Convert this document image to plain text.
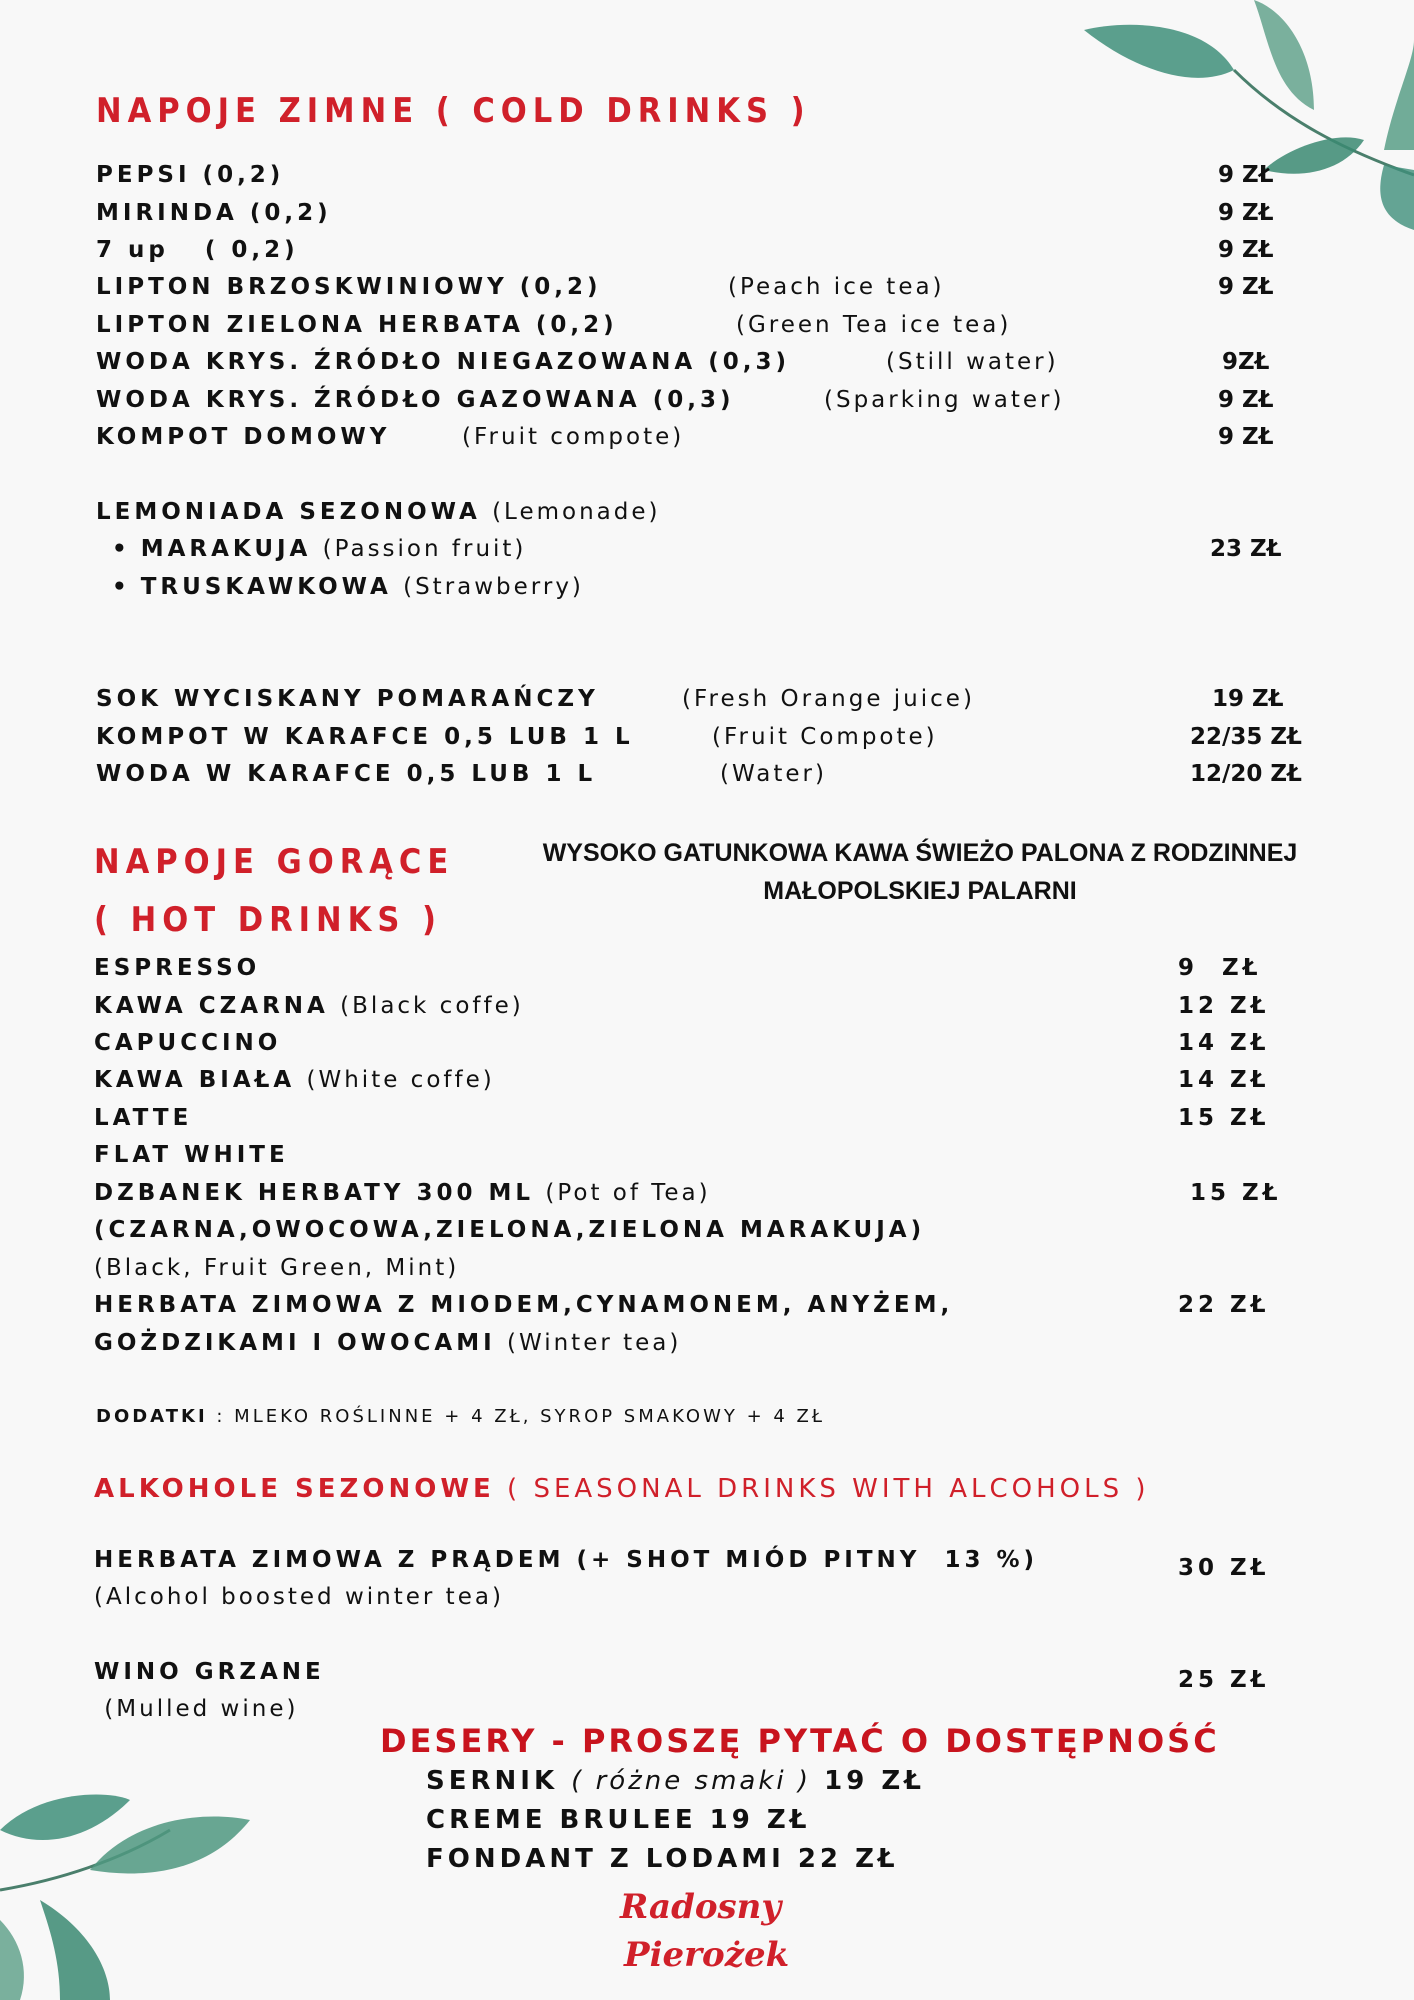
NAPOJE ZIMNE ( COLD DRINKS )
PEPSI (0,2)	9 ZŁ
MIRINDA (0,2)	9 ZŁ
7 up   ( 0,2)	9 ZŁ
LIPTON BRZOSKWINIOWY (0,2)	(Peach ice tea)	9 ZŁ
LIPTON ZIELONA HERBATA (0,2)	(Green Tea ice tea)
WODA KRYS. ŹRÓDŁO NIEGAZOWANA (0,3)	(Still water)	9ZŁ
WODA KRYS. ŹRÓDŁO GAZOWANA (0,3)	(Sparking water)	9 ZŁ
KOMPOT DOMOWY	(Fruit compote)	9 ZŁ
LEMONIADA SEZONOWA (Lemonade)
• MARAKUJA (Passion fruit)	23 ZŁ
• TRUSKAWKOWA (Strawberry)
SOK WYCISKANY POMARAŃCZY	(Fresh Orange juice)	19 ZŁ
KOMPOT W KARAFCE 0,5 LUB 1 L	(Fruit Compote)	22/35 ZŁ
WODA W KARAFCE 0,5 LUB 1 L	(Water)	12/20 ZŁ
NAPOJE GORĄCE
( HOT DRINKS )
WYSOKO GATUNKOWA KAWA ŚWIEŻO PALONA Z RODZINNEJ MAŁOPOLSKIEJ PALARNI
ESPRESSO	9  ZŁ
KAWA CZARNA (Black coffe)	12 ZŁ
CAPUCCINO	14 ZŁ
KAWA BIAŁA (White coffe)	14 ZŁ
LATTE	15 ZŁ
FLAT WHITE
DZBANEK HERBATY 300 ML (Pot of Tea)	15 ZŁ
(CZARNA,OWOCOWA,ZIELONA,ZIELONA MARAKUJA)
(Black, Fruit Green, Mint)
HERBATA ZIMOWA Z MIODEM,CYNAMONEM, ANYŻEM,	22 ZŁ
GOŻDZIKAMI I OWOCAMI (Winter tea)
DODATKI : MLEKO ROŚLINNE + 4 ZŁ, SYROP SMAKOWY + 4 ZŁ
ALKOHOLE SEZONOWE ( SEASONAL DRINKS WITH ALCOHOLS )
HERBATA ZIMOWA Z PRĄDEM (+ SHOT MIÓD PITNY  13 %)	30 ZŁ
(Alcohol boosted winter tea)
WINO GRZANE	25 ZŁ
(Mulled wine)
DESERY - PROSZĘ PYTAĆ O DOSTĘPNOŚĆ
SERNIK ( różne smaki ) 19 ZŁ
CREME BRULEE 19 ZŁ
FONDANT Z LODAMI 22 ZŁ
Radosny
Pierożek
